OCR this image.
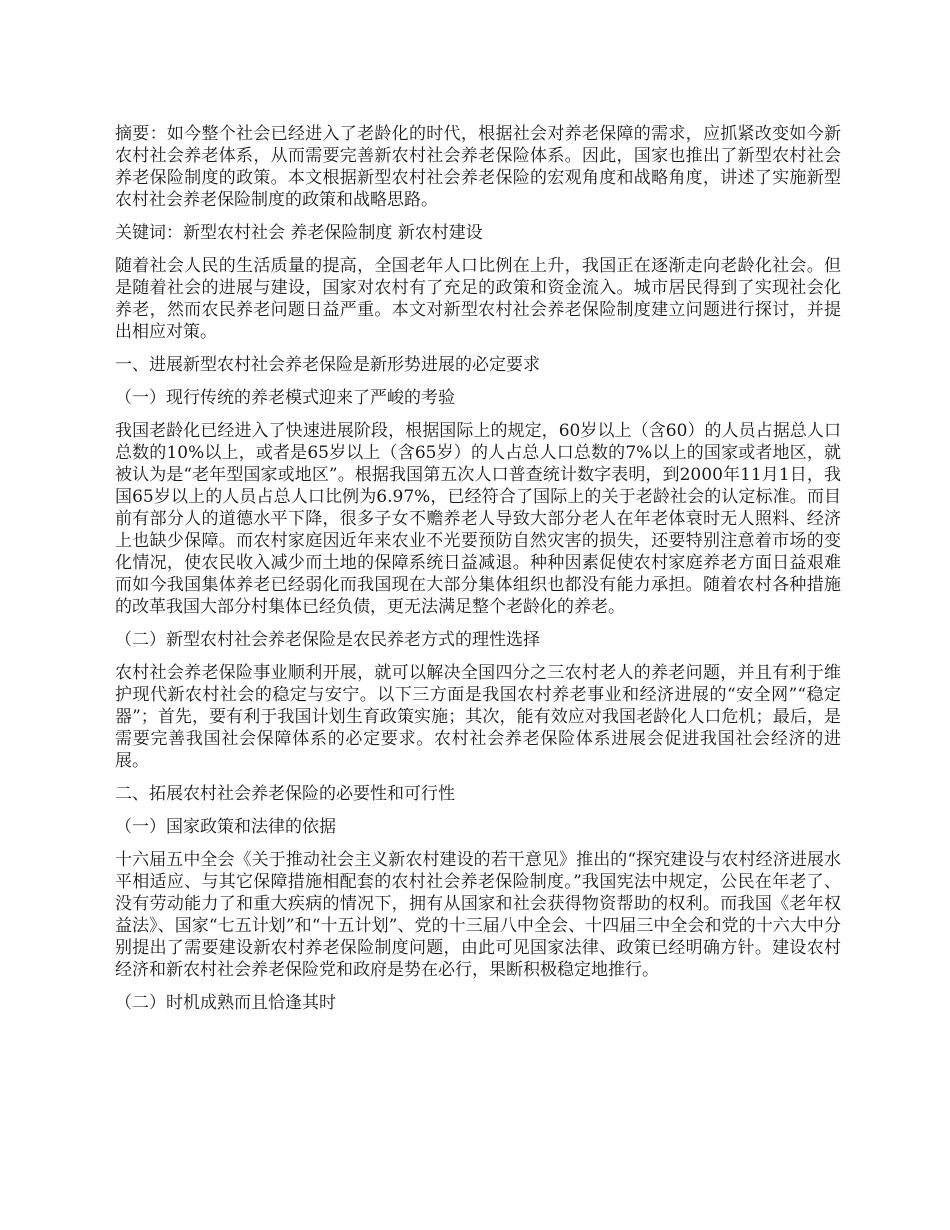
摘要：如今整个社会已经进入了老龄化的时代，根据社会对养老保障的需求，应抓紧改变如今新农村社会养老体系，从而需要完善新农村社会养老保险体系。因此，国家也推出了新型农村社会养老保险制度的政策。本文根据新型农村社会养老保险的宏观角度和战略角度，讲述了实施新型农村社会养老保险制度的政策和战略思路。

关键词：新型农村社会 养老保险制度 新农村建设

随着社会人民的生活质量的提高，全国老年人口比例在上升，我国正在逐渐走向老龄化社会。但是随着社会的进展与建设，国家对农村有了充足的政策和资金流入。城市居民得到了实现社会化养老，然而农民养老问题日益严重。本文对新型农村社会养老保险制度建立问题进行探讨，并提出相应对策。

一、进展新型农村社会养老保险是新形势进展的必定要求

（一）现行传统的养老模式迎来了严峻的考验

我国老龄化已经进入了快速进展阶段，根据国际上的规定，60岁以上（含60）的人员占据总人口总数的10%以上，或者是65岁以上（含65岁）的人占总人口总数的7%以上的国家或者地区，就被认为是“老年型国家或地区”。根据我国第五次人口普查统计数字表明，到2000年11月1日，我国65岁以上的人员占总人口比例为6.97%，已经符合了国际上的关于老龄社会的认定标准。而目前有部分人的道德水平下降，很多子女不赡养老人导致大部分老人在年老体衰时无人照料、经济上也缺少保障。而农村家庭因近年来农业不光要预防自然灾害的损失，还要特别注意着市场的变化情况，使农民收入减少而土地的保障系统日益减退。种种因素促使农村家庭养老方面日益艰难而如今我国集体养老已经弱化而我国现在大部分集体组织也都没有能力承担。随着农村各种措施的改革我国大部分村集体已经负债，更无法满足整个老龄化的养老。

（二）新型农村社会养老保险是农民养老方式的理性选择

农村社会养老保险事业顺利开展，就可以解决全国四分之三农村老人的养老问题，并且有利于维护现代新农村社会的稳定与安宁。以下三方面是我国农村养老事业和经济进展的“安全网”“稳定器”；首先，要有利于我国计划生育政策实施；其次，能有效应对我国老龄化人口危机；最后，是需要完善我国社会保障体系的必定要求。农村社会养老保险体系进展会促进我国社会经济的进展。

二、拓展农村社会养老保险的必要性和可行性

（一）国家政策和法律的依据

十六届五中全会《关于推动社会主义新农村建设的若干意见》推出的“探究建设与农村经济进展水平相适应、与其它保障措施相配套的农村社会养老保险制度。”我国宪法中规定，公民在年老了、没有劳动能力了和重大疾病的情况下，拥有从国家和社会获得物资帮助的权利。而我国《老年权益法》、国家“七五计划”和“十五计划”、党的十三届八中全会、十四届三中全会和党的十六大中分别提出了需要建设新农村养老保险制度问题，由此可见国家法律、政策已经明确方针。建设农村经济和新农村社会养老保险党和政府是势在必行，果断积极稳定地推行。

（二）时机成熟而且恰逢其时
